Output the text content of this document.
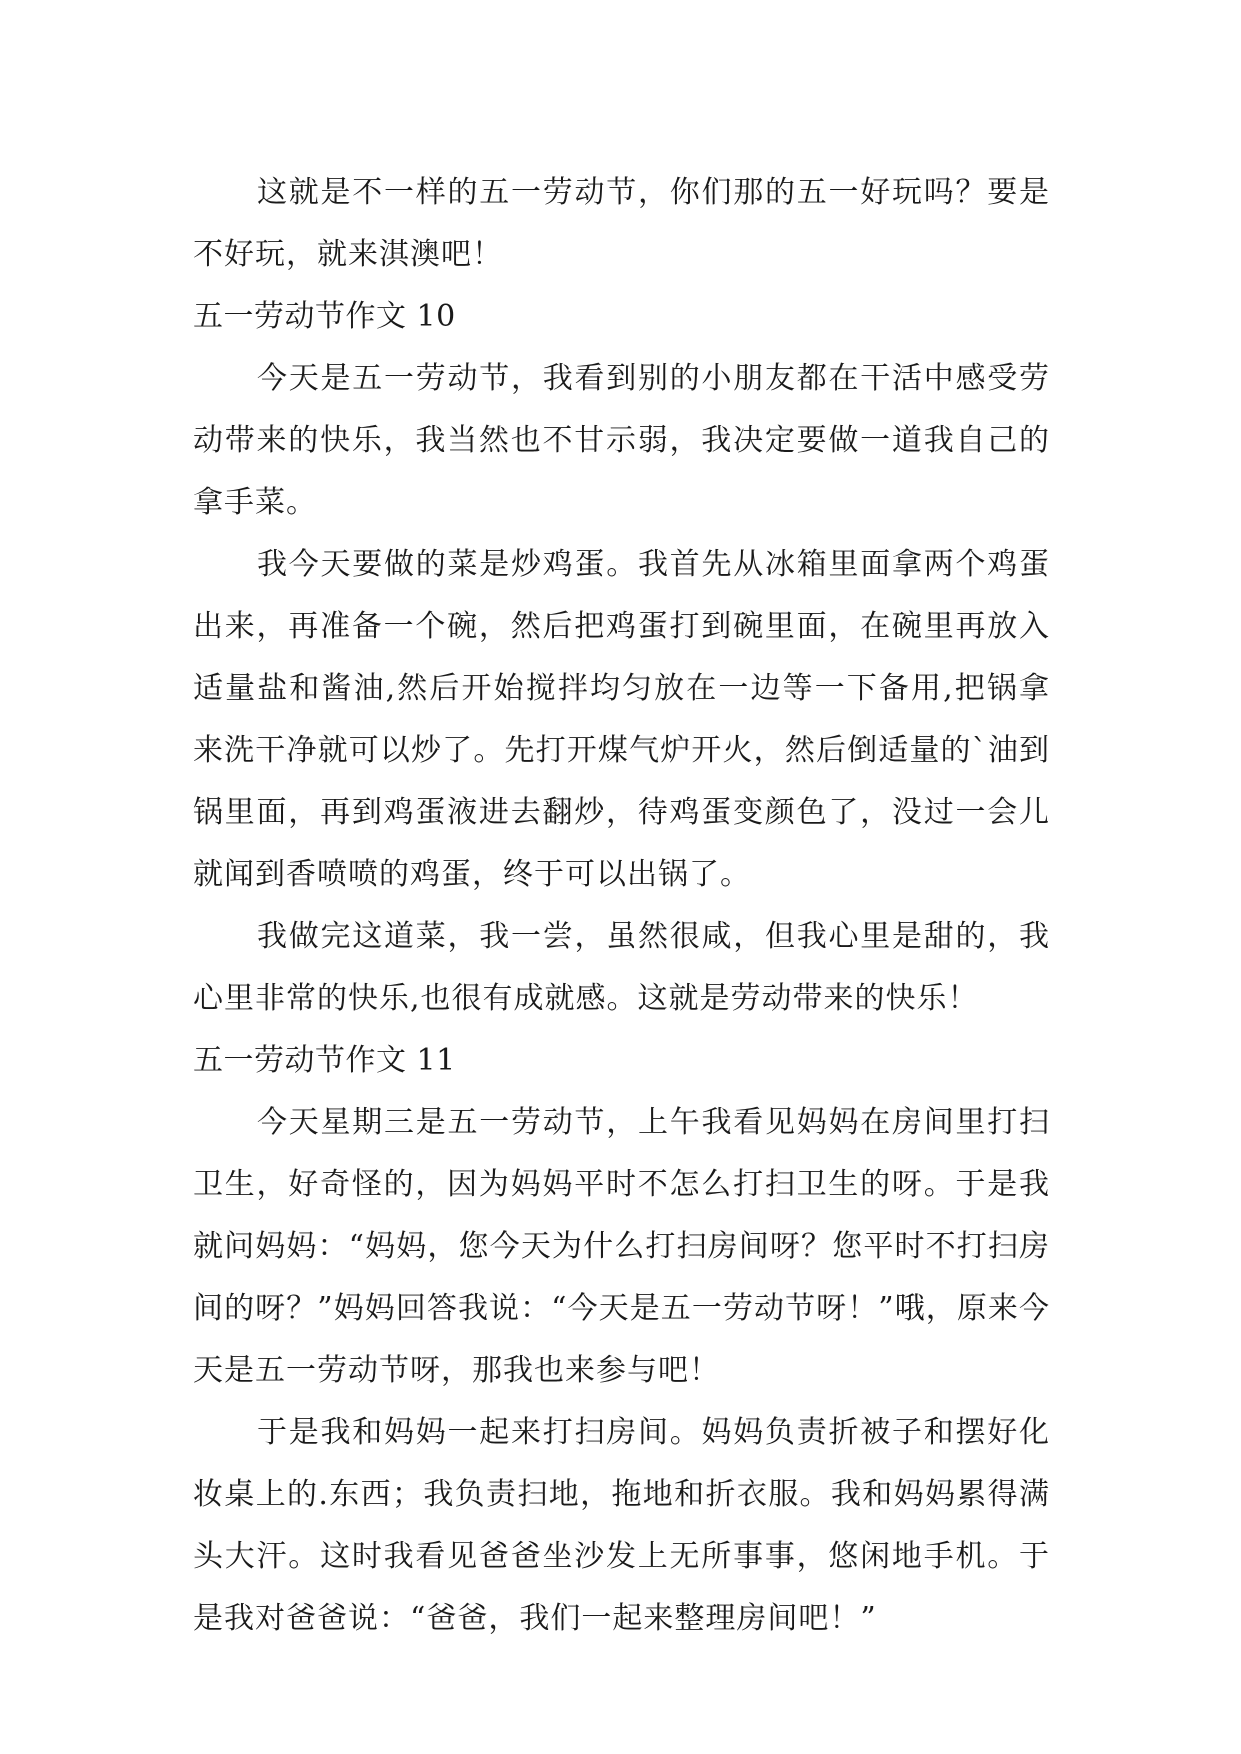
这就是不一样的五一劳动节，你们那的五一好玩吗？要是不好玩，就来淇澳吧！

五一劳动节作文 10

今天是五一劳动节，我看到别的小朋友都在干活中感受劳动带来的快乐，我当然也不甘示弱，我决定要做一道我自己的拿手菜。

我今天要做的菜是炒鸡蛋。我首先从冰箱里面拿两个鸡蛋出来，再准备一个碗，然后把鸡蛋打到碗里面，在碗里再放入适量盐和酱油,然后开始搅拌均匀放在一边等一下备用,把锅拿来洗干净就可以炒了。先打开煤气炉开火，然后倒适量的`油到锅里面，再到鸡蛋液进去翻炒，待鸡蛋变颜色了，没过一会儿就闻到香喷喷的鸡蛋，终于可以出锅了。

我做完这道菜，我一尝，虽然很咸，但我心里是甜的，我心里非常的快乐,也很有成就感。这就是劳动带来的快乐！

五一劳动节作文 11

今天星期三是五一劳动节，上午我看见妈妈在房间里打扫卫生，好奇怪的，因为妈妈平时不怎么打扫卫生的呀。于是我就问妈妈：“妈妈，您今天为什么打扫房间呀？您平时不打扫房间的呀？”妈妈回答我说：“今天是五一劳动节呀！”哦，原来今天是五一劳动节呀，那我也来参与吧！

于是我和妈妈一起来打扫房间。妈妈负责折被子和摆好化妆桌上的.东西；我负责扫地，拖地和折衣服。我和妈妈累得满头大汗。这时我看见爸爸坐沙发上无所事事，悠闲地手机。于是我对爸爸说：“爸爸，我们一起来整理房间吧！”
